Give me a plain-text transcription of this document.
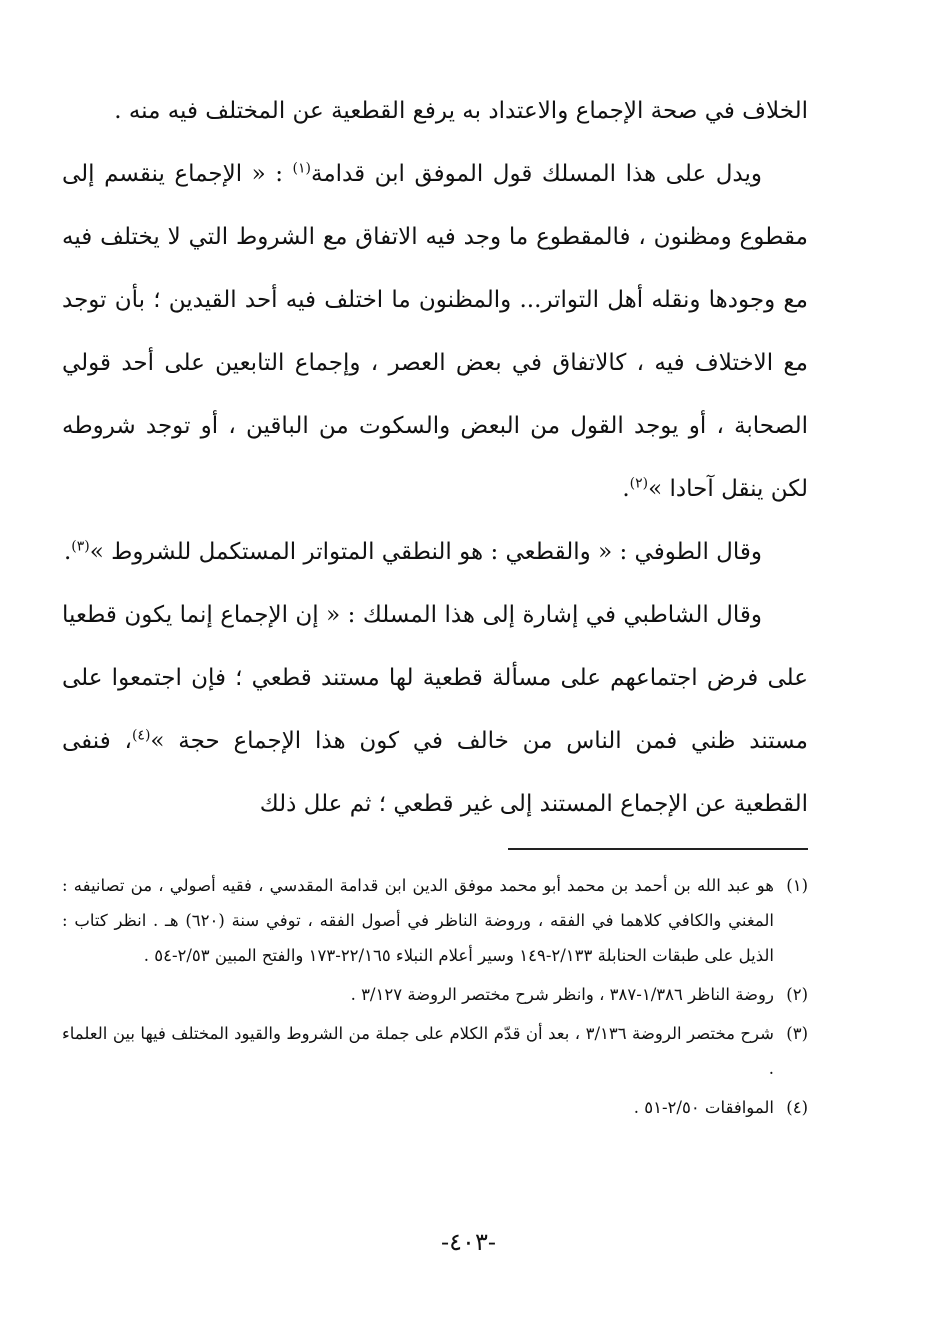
الخلاف في صحة الإجماع والاعتداد به يرفع القطعية عن المختلف فيه منه .

ويدل على هذا المسلك قول الموفق ابن قدامة$^{(١)}$ : « الإجماع ينقسم إلى مقطوع ومظنون ، فالمقطوع ما وجد فيه الاتفاق مع الشروط التي لا يختلف فيه مع وجودها ونقله أهل التواتر... والمظنون ما اختلف فيه أحد القيدين ؛ بأن توجد مع الاختلاف فيه ، كالاتفاق في بعض العصر ، وإجماع التابعين على أحد قولي الصحابة ، أو يوجد القول من البعض والسكوت من الباقين ، أو توجد شروطه لكن ينقل آحادا »$^{(٢)}$.

وقال الطوفي : « والقطعي : هو النطقي المتواتر المستكمل للشروط »$^{(٣)}$.

وقال الشاطبي في إشارة إلى هذا المسلك : « إن الإجماع إنما يكون قطعيا على فرض اجتماعهم على مسألة قطعية لها مستند قطعي ؛ فإن اجتمعوا على مستند ظني فمن الناس من خالف في كون هذا الإجماع حجة »$^{(٤)}$، فنفى القطعية عن الإجماع المستند إلى غير قطعي ؛ ثم علل ذلك

(١)
هو عبد الله بن أحمد بن محمد أبو محمد موفق الدين ابن قدامة المقدسي ، فقيه أصولي ، من تصانيفه : المغني والكافي كلاهما في الفقه ، وروضة الناظر في أصول الفقه ، توفي سنة (٦٢٠) هـ . انظر كتاب : الذيل على طبقات الحنابلة ٢/١٣٣-١٤٩ وسير أعلام النبلاء ٢٢/١٦٥-١٧٣ والفتح المبين ٢/٥٣-٥٤ .
(٢)
روضة الناظر ١/٣٨٦-٣٨٧ ، وانظر شرح مختصر الروضة ٣/١٢٧ .
(٣)
شرح مختصر الروضة ٣/١٣٦ ، بعد أن قدّم الكلام على جملة من الشروط والقيود المختلف فيها بين العلماء .
(٤)
الموافقات ٢/٥٠-٥١ .
-٤٠٣-
